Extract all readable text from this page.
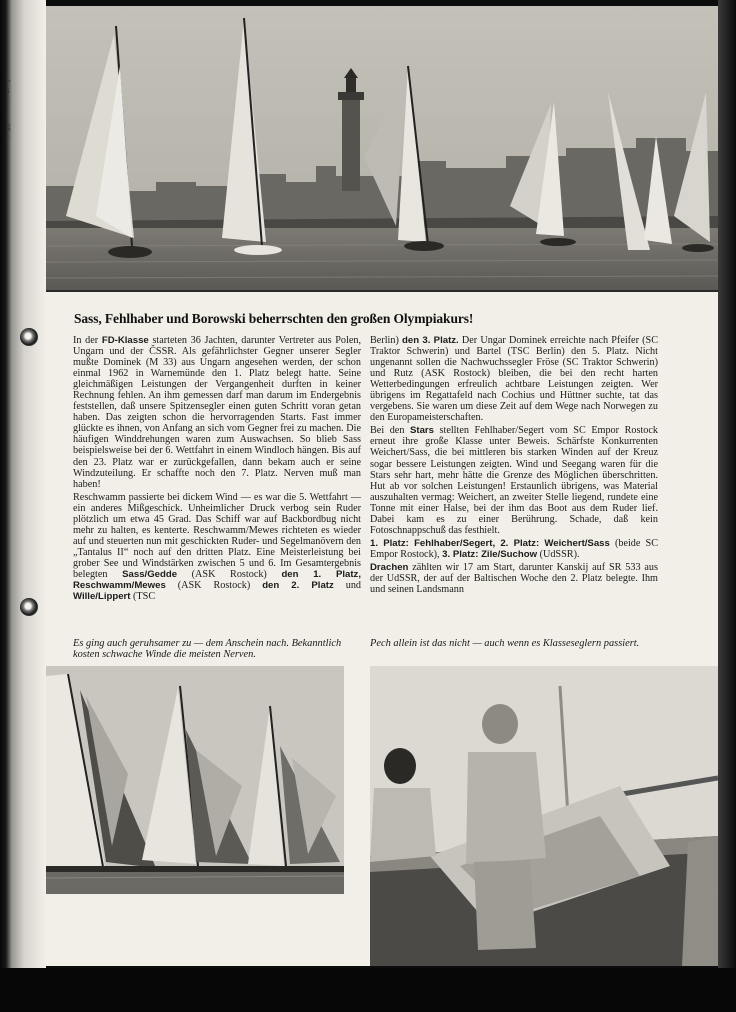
t,
s
r
t
g
r
Sass, Fehlhaber und Borowski beherrschten den großen Olympiakurs!

In der FD-Klasse starteten 36 Jachten, darunter Vertreter aus Polen, Ungarn und der ČSSR. Als gefährlichster Gegner unserer Segler mußte Dominek (M 33) aus Ungarn angesehen werden, der schon einmal 1962 in Warnemünde den 1. Platz belegt hatte. Seine gleichmäßigen Leistungen der Vergangenheit durften in keiner Rechnung fehlen. An ihm gemessen darf man darum im Endergebnis feststellen, daß unsere Spitzensegler einen guten Schritt voran getan haben. Das zeigten schon die hervorragenden Starts. Fast immer glückte es ihnen, von Anfang an sich vom Gegner frei zu machen. Die häufigen Winddrehungen waren zum Auswachsen. So blieb Sass beispielsweise bei der 6. Wettfahrt in einem Windloch hängen. Bis auf den 23. Platz war er zurückgefallen, dann bekam auch er seine Windzuteilung. Er schaffte noch den 7. Platz. Nerven muß man haben!

Reschwamm passierte bei dickem Wind — es war die 5. Wettfahrt — ein anderes Mißgeschick. Unheimlicher Druck verbog sein Ruder plötzlich um etwa 45 Grad. Das Schiff war auf Backbordbug nicht mehr zu halten, es kenterte. Reschwamm/Mewes richteten es wieder auf und steuerten nun mit geschickten Ruder- und Segelmanövern den „Tantalus II“ noch auf den dritten Platz. Eine Meisterleistung bei grober See und Windstärken zwischen 5 und 6. Im Gesamtergebnis belegten Sass/Gedde (ASK Rostock) den 1. Platz, Reschwamm/Mewes (ASK Rostock) den 2. Platz und Wille/Lippert (TSC

Berlin) den 3. Platz. Der Ungar Dominek erreichte nach Pfeifer (SC Traktor Schwerin) und Bartel (TSC Berlin) den 5. Platz. Nicht ungenannt sollen die Nachwuchssegler Fröse (SC Traktor Schwerin) und Rutz (ASK Rostock) bleiben, die bei den recht harten Wetterbedingungen erfreulich achtbare Leistungen zeigten. Wer übrigens im Regattafeld nach Cochius und Hüttner suchte, tat das vergebens. Sie waren um diese Zeit auf dem Wege nach Norwegen zu den Europameisterschaften.

Bei den Stars stellten Fehlhaber/Segert vom SC Empor Rostock erneut ihre große Klasse unter Beweis. Schärfste Konkurrenten Weichert/Sass, die bei mittleren bis starken Winden auf der Kreuz sogar bessere Leistungen zeigten. Wind und Seegang waren für die Stars sehr hart, mehr hätte die Grenze des Möglichen überschritten. Hut ab vor solchen Leistungen! Erstaunlich übrigens, was Material auszuhalten vermag: Weichert, an zweiter Stelle liegend, rundete eine Tonne mit einer Halse, bei der ihm das Boot aus dem Ruder lief. Dabei kam es zu einer Berührung. Schade, daß kein Fotoschnappschuß das festhielt.

1. Platz: Fehlhaber/Segert, 2. Platz: Weichert/Sass (beide SC Empor Rostock), 3. Platz: Zile/Suchow (UdSSR).

Drachen zählten wir 17 am Start, darunter Kanskij auf SR 533 aus der UdSSR, der auf der Baltischen Woche den 2. Platz belegte. Ihm und seinen Landsmann

Es ging auch geruhsamer zu — dem Anschein nach. Bekanntlich kosten schwache Winde die meisten Nerven.
Pech allein ist das nicht — auch wenn es Klasseseglern passiert.
